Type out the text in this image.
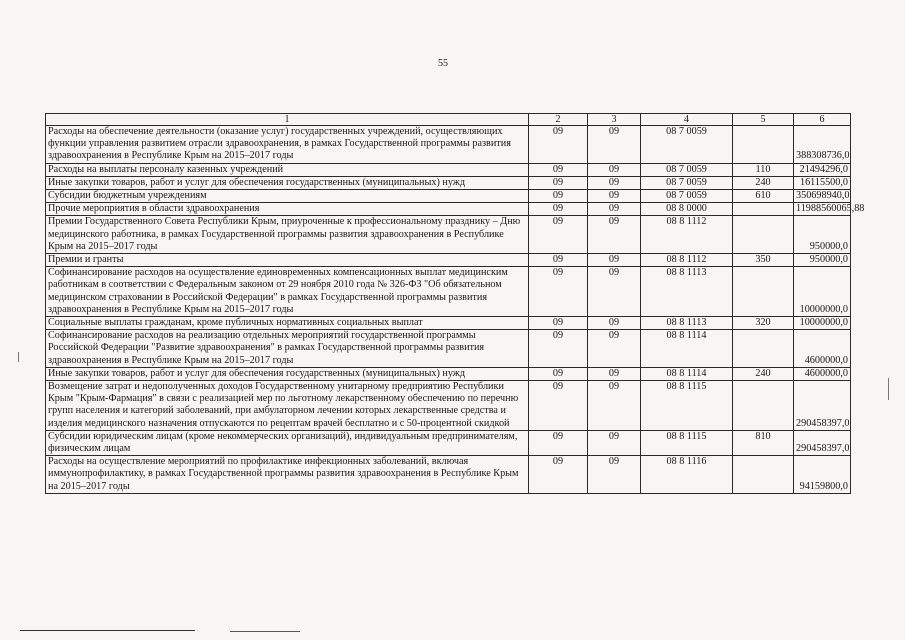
55
1	2	3	4	5	6
Расходы на обеспечение деятельности (оказание услуг) государственных учреждений, осуществляющих функции управления развитием отрасли здравоохранения, в рамках Государственной программы развития здравоохранения в Республике Крым на 2015–2017 годы	09	09	08 7 0059		388308736,0
Расходы на выплаты персоналу казенных учреждений	09	09	08 7 0059	110	21494296,0
Иные закупки товаров, работ и услуг для обеспечения государственных (муниципальных) нужд	09	09	08 7 0059	240	16115500,0
Субсидии бюджетным учреждениям	09	09	08 7 0059	610	350698940,0
Прочие мероприятия в области здравоохранения	09	09	08 8 0000		11988560065,88
Премии Государственного Совета Республики Крым, приуроченные к профессиональному празднику – Дню медицинского работника, в рамках Государственной программы развития здравоохранения в Республике Крым на 2015–2017 годы	09	09	08 8 1112		950000,0
Премии и гранты	09	09	08 8 1112	350	950000,0
Софинансирование расходов на осуществление единовременных компенсационных выплат медицинским работникам в соответствии с Федеральным законом от 29 ноября 2010 года № 326-ФЗ "Об обязательном медицинском страховании в Российской Федерации" в рамках Государственной программы развития здравоохранения в Республике Крым на 2015–2017 годы	09	09	08 8 1113		10000000,0
Социальные выплаты гражданам, кроме публичных нормативных социальных выплат	09	09	08 8 1113	320	10000000,0
Софинансирование расходов на реализацию отдельных мероприятий государственной программы Российской Федерации "Развитие здравоохранения" в рамках Государственной программы развития здравоохранения в Республике Крым на 2015–2017 годы	09	09	08 8 1114		4600000,0
Иные закупки товаров, работ и услуг для обеспечения государственных (муниципальных) нужд	09	09	08 8 1114	240	4600000,0
Возмещение затрат и недополученных доходов Государственному унитарному предприятию Республики Крым "Крым-Фармация" в связи с реализацией мер по льготному лекарственному обеспечению по перечню групп населения и категорий заболеваний, при амбулаторном лечении которых лекарственные средства и изделия медицинского назначения отпускаются по рецептам врачей бесплатно и с 50-процентной скидкой	09	09	08 8 1115		290458397,0
Субсидии юридическим лицам (кроме некоммерческих организаций), индивидуальным предпринимателям, физическим лицам	09	09	08 8 1115	810	290458397,0
Расходы на осуществление мероприятий по профилактике инфекционных заболеваний, включая иммунопрофилактику, в рамках Государственной программы развития здравоохранения в Республике Крым на 2015–2017 годы	09	09	08 8 1116		94159800,0
